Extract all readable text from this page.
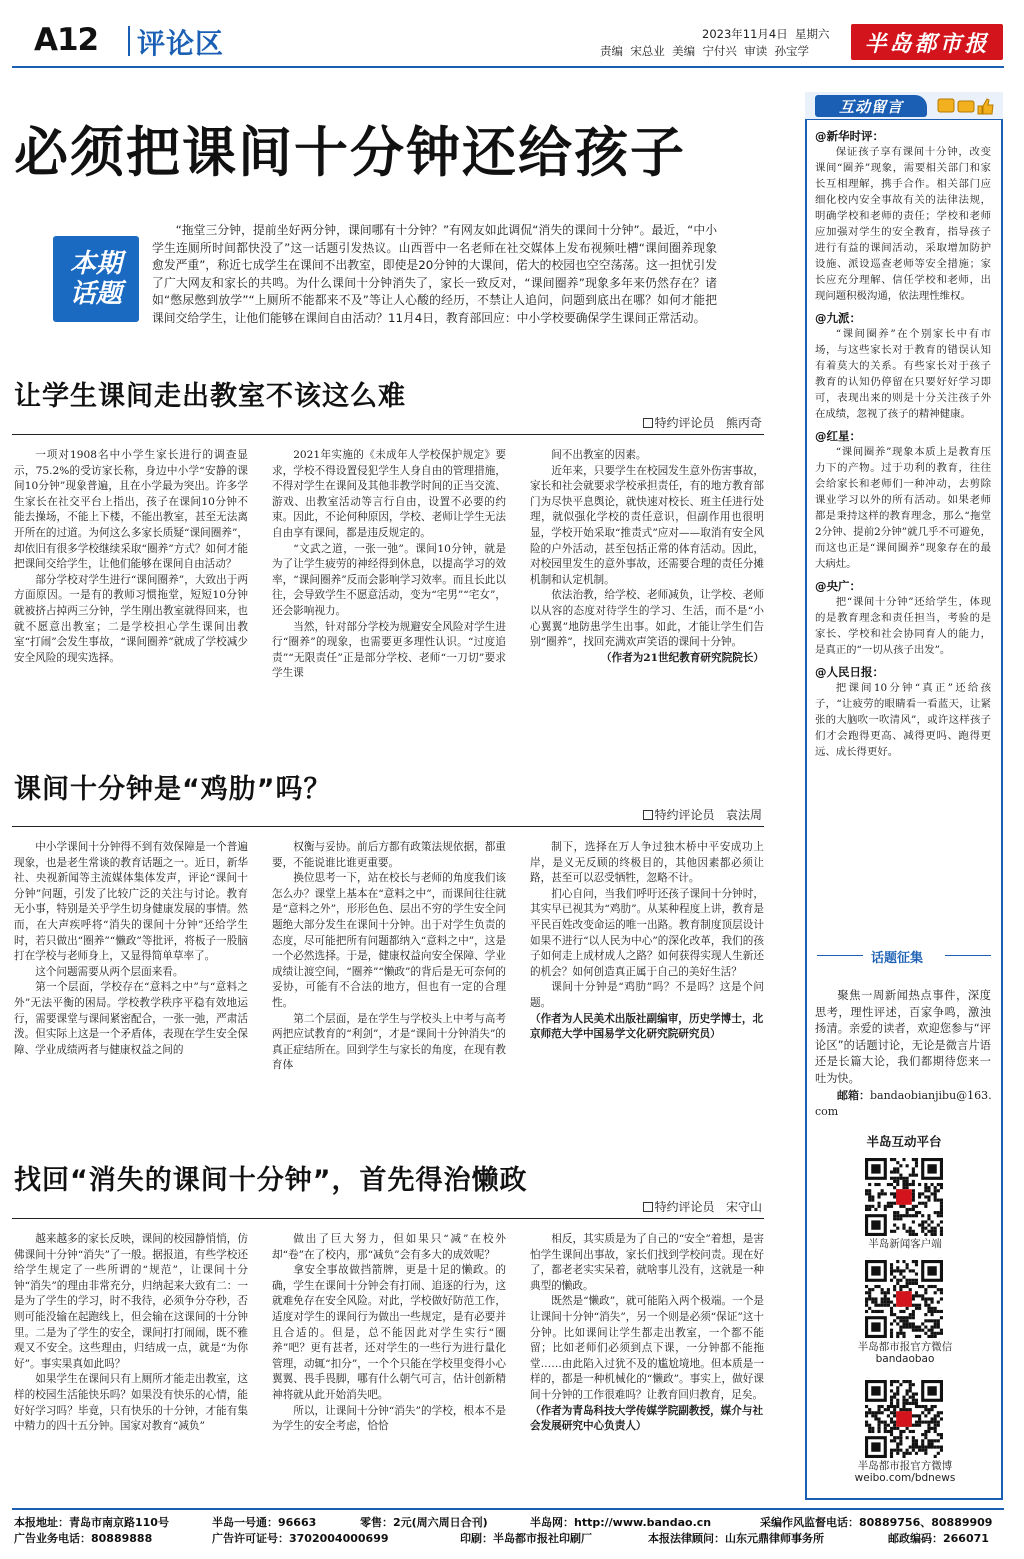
A12 评论区	2023年11月4日 星期六
责编 宋总业 美编 宁付兴 审读 孙宝学	半岛都市报
必须把课间十分钟还给孩子
本期话题
“拖堂三分钟，提前坐好两分钟，课间哪有十分钟？”有网友如此调侃“消失的课间十分钟”。最近，“中小学生连厕所时间都快没了”这一话题引发热议。山西晋中一名老师在社交媒体上发布视频吐槽“课间圈养现象愈发严重”，称近七成学生在课间不出教室，即使是20分钟的大课间，偌大的校园也空空荡荡。这一担忧引发了广大网友和家长的共鸣。为什么课间十分钟消失了，家长一致反对，“课间圈养”现象多年来仍然存在？诸如“憋尿憋到放学”“上厕所不能都来不及”等让人心酸的经历，不禁让人追问，问题到底出在哪？如何才能把课间交给学生，让他们能够在课间自由活动？11月4日，教育部回应：中小学校要确保学生课间正常活动。
让学生课间走出教室不该这么难
特约评论员 熊丙奇

一项对1908名中小学生家长进行的调查显示，75.2%的受访家长称，身边中小学“安静的课间10分钟”现象普遍，且在小学最为突出。许多学生家长在社交平台上指出，孩子在课间10分钟不能去操场，不能上下楼，不能出教室，甚至无法离开所在的过道。为何这么多家长质疑“课间圈养”，却依旧有很多学校继续采取“圈养”方式？如何才能把课间交给学生，让他们能够在课间自由活动？

部分学校对学生进行“课间圈养”，大致出于两方面原因。一是有的教师习惯拖堂，短短10分钟就被挤占掉两三分钟，学生刚出教室就得回来，也就不愿意出教室；二是学校担心学生课间出教室“打闹”会发生事故，“课间圈养”就成了学校减少安全风险的现实选择。

2021年实施的《未成年人学校保护规定》要求，学校不得设置侵犯学生人身自由的管理措施，不得对学生在课间及其他非教学时间的正当交流、游戏、出教室活动等言行自由，设置不必要的约束。因此，不论何种原因，学校、老师让学生无法自由享有课间，都是违反规定的。

“文武之道，一张一弛”。课间10分钟，就是为了让学生疲劳的神经得到休息，以提高学习的效率，“课间圈养”反而会影响学习效率。而且长此以往，会导致学生不愿意活动，变为“宅男”“宅女”，还会影响视力。

当然，针对部分学校为规避安全风险对学生进行“圈养”的现象，也需要更多理性认识。“过度追责”“无限责任”正是部分学校、老师“一刀切”要求学生课

间不出教室的因素。

近年来，只要学生在校园发生意外伤害事故，家长和社会就要求学校承担责任，有的地方教育部门为尽快平息舆论，就快速对校长、班主任进行处理，就似强化学校的责任意识，但副作用也很明显，学校开始采取“推责式”应对——取消有安全风险的户外活动，甚至包括正常的体育活动。因此，对校园里发生的意外事故，还需要合理的责任分摊机制和认定机制。

依法治教，给学校、老师减负，让学校、老师以从容的态度对待学生的学习、生活，而不是“小心翼翼”地防患学生出事。如此，才能让学生们告别“圈养”，找回充满欢声笑语的课间十分钟。

（作者为21世纪教育研究院院长）

课间十分钟是“鸡肋”吗？
特约评论员 袁法周

中小学课间十分钟得不到有效保障是一个普遍现象，也是老生常谈的教育话题之一。近日，新华社、央视新闻等主流媒体集体发声，评论“课间十分钟”问题，引发了比较广泛的关注与讨论。教育无小事，特别是关乎学生切身健康发展的事情。然而，在大声疾呼将“消失的课间十分钟”还给学生时，若只做出“圈养”“懒政”等批评，将板子一股脑打在学校与老师身上，又显得简单草率了。

这个问题需要从两个层面来看。

第一个层面，学校存在“意料之中”与“意料之外”无法平衡的困局。学校教学秩序平稳有效地运行，需要课堂与课间紧密配合，一张一弛，严肃活泼。但实际上这是一个矛盾体，表现在学生安全保障、学业成绩两者与健康权益之间的

权衡与妥协。前后方都有政策法规依据，都重要，不能说谁比谁更重要。

换位思考一下，站在校长与老师的角度我们该怎么办？课堂上基本在“意料之中”，而课间往往就是“意料之外”，形形色色、层出不穷的学生安全问题绝大部分发生在课间十分钟。出于对学生负责的态度，尽可能把所有问题都纳入“意料之中”，这是一个必然选择。于是，健康权益向安全保障、学业成绩让渡空间，“圈养”“懒政”的背后是无可奈何的妥协，可能有不合法的地方，但也有一定的合理性。

第二个层面，是在学生与学校头上中考与高考两把应试教育的“利剑”，才是“课间十分钟消失”的真正症结所在。回到学生与家长的角度，在现有教育体

制下，选择在万人争过独木桥中平安成功上岸，是义无反顾的终极目的，其他因素都必须让路，甚至可以忍受牺牲，忽略不计。

扪心自问，当我们呼吁还孩子课间十分钟时，其实早已视其为“鸡肋”。从某种程度上讲，教育是平民百姓改变命运的唯一出路。教育制度顶层设计如果不进行“以人民为中心”的深化改革，我们的孩子如何走上成材成人之路？如何获得实现人生新还的机会？如何创造真正属于自己的美好生活？

课间十分钟是“鸡肋”吗？不是吗？这是个问题。

（作者为人民美术出版社副编审，历史学博士，北京师范大学中国易学文化研究院研究员）

找回“消失的课间十分钟”，首先得治懒政
特约评论员 宋守山

越来越多的家长反映，课间的校园静悄悄，仿佛课间十分钟“消失”了一般。据报道，有些学校还给学生规定了一些所谓的“规范”，让课间十分钟“消失”的理由非常充分，归纳起来大致有二：一是为了学生的学习，时不我待，必须争分夺秒，否则可能没输在起跑线上，但会输在这课间的十分钟里。二是为了学生的安全，课间打打闹闹，既不雅观又不安全。这些理由，归结成一点，就是“为你好”。事实果真如此吗？

如果学生在课间只有上厕所才能走出教室，这样的校园生活能快乐吗？如果没有快乐的心情，能好好学习吗？毕竟，只有快乐的十分钟，才能有集中精力的四十五分钟。国家对教育“减负”

做出了巨大努力，但如果只“减”在校外却“卷”在了校内，那“减负”会有多大的成效呢？

拿安全事故做挡箭牌，更是十足的懒政。的确，学生在课间十分钟会有打闹、追逐的行为，这就难免存在安全风险。对此，学校做好防范工作，适度对学生的课间行为做出一些规定，是有必要并且合适的。但是，总不能因此对学生实行“圈养”吧？更有甚者，还对学生的一些行为进行量化管理，动辄“扣分”，一个个只能在学校里变得小心翼翼、畏手畏脚，哪有什么朝气可言，估计创新精神将就从此开始消失吧。

所以，让课间十分钟“消失”的学校，根本不是为学生的安全考虑，恰恰

相反，其实质是为了自己的“安全”着想，是害怕学生课间出事故，家长们找到学校问责。现在好了，都老老实实呆着，就啥事儿没有，这就是一种典型的懒政。

既然是“懒政”，就可能陷入两个极端。一个是让课间十分钟“消失”，另一个则是必须“保证”这十分钟。比如课间让学生都走出教室，一个都不能留；比如老师们必须到点下课，一分钟都不能拖堂……由此陷入过犹不及的尴尬境地。但本质是一样的，都是一种机械化的“懒政”。事实上，做好课间十分钟的工作很难吗？让教育回归教育，足矣。

（作者为青岛科技大学传媒学院副教授，媒介与社会发展研究中心负责人）

互动留言
@新华时评：
保证孩子享有课间十分钟，改变课间“圈养”现象，需要相关部门和家长互相理解，携手合作。相关部门应细化校内安全事故有关的法律法规，明确学校和老师的责任；学校和老师应加强对学生的安全教育，指导孩子进行有益的课间活动，采取增加防护设施、派设巡查老师等安全措施；家长应充分理解、信任学校和老师，出现问题积极沟通，依法理性维权。
@九派：
“课间圈养”在个别家长中有市场，与这些家长对于教育的错误认知有着莫大的关系。有些家长对于孩子教育的认知仍停留在只要好好学习即可，表现出来的则是十分关注孩子外在成绩，忽视了孩子的精神健康。
@红星：
“课间圈养”现象本质上是教育压力下的产物。过于功利的教育，往往会给家长和老师们一种冲动，去剪除课业学习以外的所有活动。如果老师都是秉持这样的教育理念，那么“拖堂2分钟、提前2分钟”就几乎不可避免，而这也正是“课间圈养”现象存在的最大病灶。
@央广：
把“课间十分钟”还给学生，体现的是教育理念和责任担当，考验的是家长、学校和社会协同育人的能力，是真正的“一切从孩子出发”。
@人民日报：
把课间10分钟“真正”还给孩子，“让疲劳的眼睛看一看蓝天，让紧张的大脑吹一吹清风”，或许这样孩子们才会跑得更高、减得更吗、跑得更远、成长得更好。
话题征集
聚焦一周新闻热点事件，深度思考，理性评述，百家争鸣，激浊扬清。亲爱的读者，欢迎您参与“评论区”的话题讨论，无论是微言片语还是长篇大论，我们都期待您来一吐为快。
邮箱：bandaobianjibu@163.com
半岛互动平台
半岛新闻客户端
半岛都市报官方微信
bandaobao
半岛都市报官方微博
weibo.com/bdnews
本报地址：青岛市南京路110号	半岛一号通：96663	零售：2元(周六周日合刊)	半岛网：http://www.bandao.cn	采编作风监督电话：80889756、80889909
广告业务电话：80889888	广告许可证号：3702004000699	印刷：半岛都市报社印刷厂	本报法律顾问：山东元鼎律师事务所	邮政编码：266071
